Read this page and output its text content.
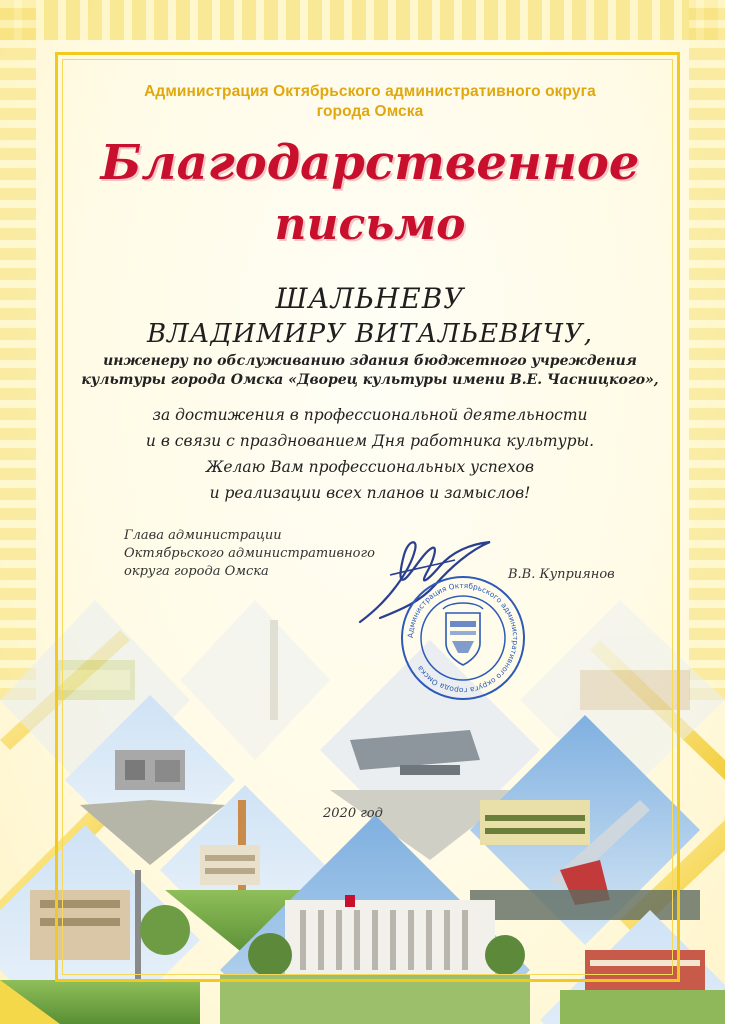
Администрация Октябрьского административного округа
города Омска
Благодарственное
письмо
ШАЛЬНЕВУ
ВЛАДИМИРУ ВИТАЛЬЕВИЧУ,
инженеру по обслуживанию здания бюджетного учреждения
культуры города Омска «Дворец культуры имени В.Е. Часницкого»,
за достижения в профессиональной деятельности
и в связи с празднованием Дня работника культуры.
Желаю Вам профессиональных успехов
и реализации всех планов и замыслов!
Глава администрации
Октябрьского административного
округа города Омска	В.В. Куприянов
Администрация Октябрьского административного округа города Омска
2020 год
